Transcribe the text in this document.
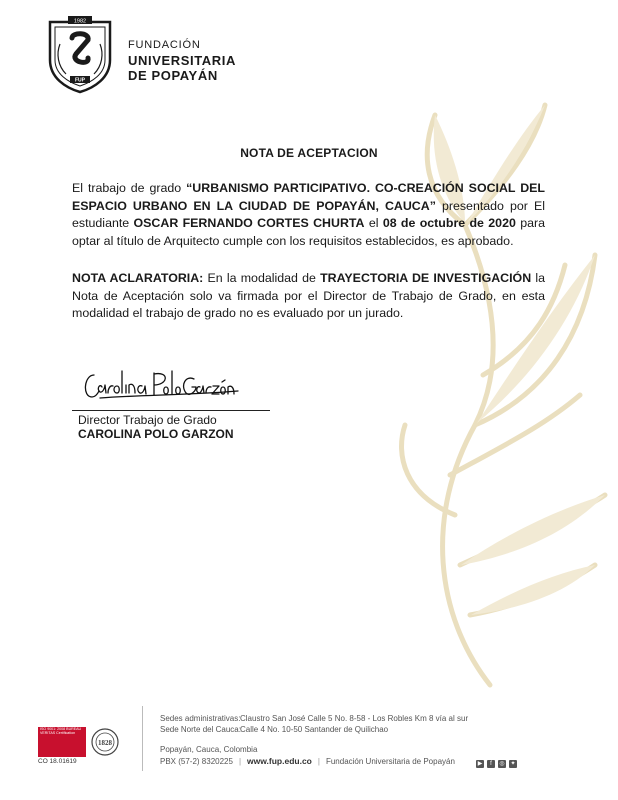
1982
FUP
FUNDACIÓN
UNIVERSITARIA
DE POPAYÁN
NOTA DE ACEPTACION

El trabajo de grado “URBANISMO PARTICIPATIVO. CO-CREACIÓN SOCIAL DEL ESPACIO URBANO EN LA CIUDAD DE POPAYÁN, CAUCA” presentado por El estudiante OSCAR FERNANDO CORTES CHURTA el 08 de octubre de 2020 para optar al título de Arquitecto cumple con los requisitos establecidos, es aprobado.

NOTA ACLARATORIA: En la modalidad de TRAYECTORIA DE INVESTIGACIÓN la Nota de Aceptación solo va firmada por el Director de Trabajo de Grado, en esta modalidad el trabajo de grado no es evaluado por un jurado.

Director Trabajo de Grado
CAROLINA POLO GARZON
ISO 9001: 2008 BUREAU VERITAS Certification
1828
CO 18.01619
Sedes administrativas:Claustro San José Calle 5 No. 8-58 - Los Robles Km 8 vía al sur
Sede Norte del Cauca:Calle 4 No. 10-50 Santander de Quilichao
Popayán, Cauca, Colombia
PBX (57-2) 8320225 | www.fup.edu.co | Fundación Universitaria de Popayán	▶ f ◎ ✦
